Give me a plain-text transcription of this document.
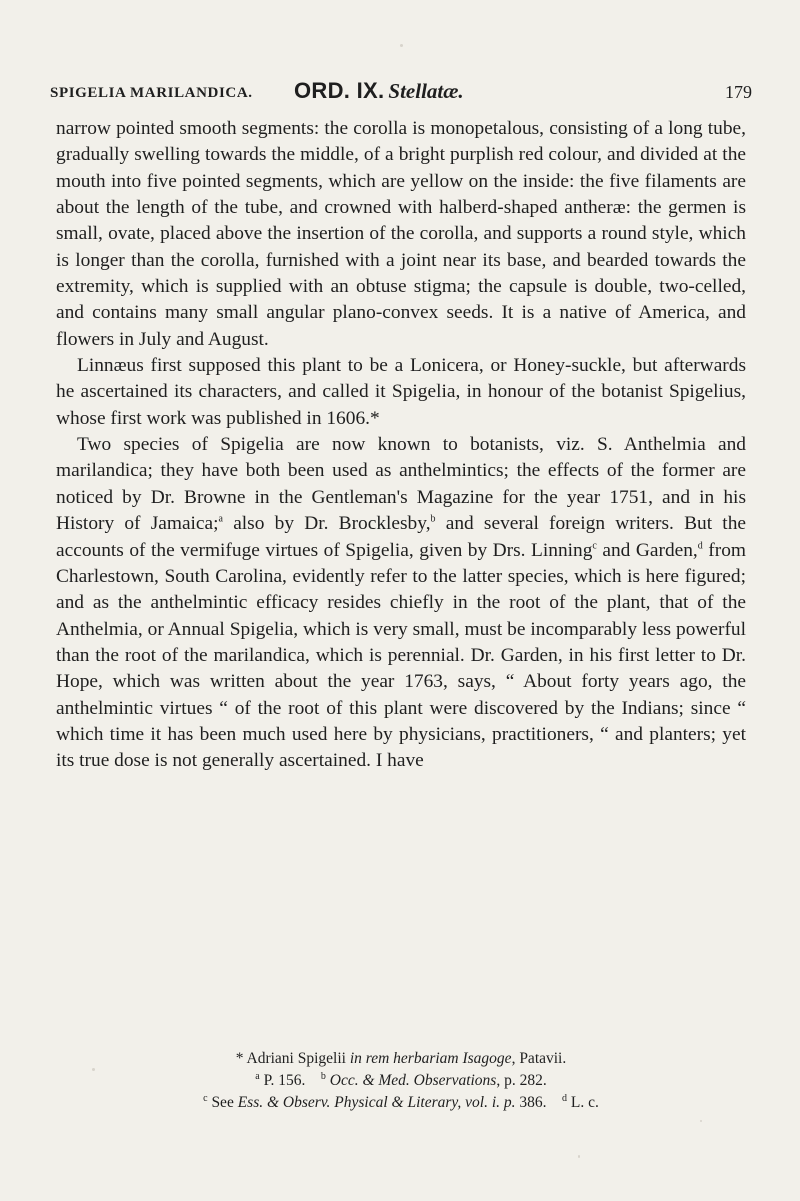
SPIGELIA MARILANDICA. ORD. IX. Stellatæ.	179

narrow pointed smooth segments: the corolla is monopetalous, consisting of a long tube, gradually swelling towards the middle, of a bright purplish red colour, and divided at the mouth into five pointed segments, which are yellow on the inside: the five filaments are about the length of the tube, and crowned with halberd-shaped antheræ: the germen is small, ovate, placed above the insertion of the corolla, and supports a round style, which is longer than the corolla, furnished with a joint near its base, and bearded towards the extremity, which is supplied with an obtuse stigma; the capsule is double, two-celled, and contains many small angular plano-convex seeds. It is a native of America, and flowers in July and August.

Linnæus first supposed this plant to be a Lonicera, or Honey-suckle, but afterwards he ascertained its characters, and called it Spigelia, in honour of the botanist Spigelius, whose first work was published in 1606.*

Two species of Spigelia are now known to botanists, viz. S. Anthelmia and marilandica; they have both been used as anthelmintics; the effects of the former are noticed by Dr. Browne in the Gentleman's Magazine for the year 1751, and in his History of Jamaica;$^a$ also by Dr. Brocklesby,$^b$ and several foreign writers. But the accounts of the vermifuge virtues of Spigelia, given by Drs. Linning$^c$ and Garden,$^d$ from Charlestown, South Carolina, evidently refer to the latter species, which is here figured; and as the anthelmintic efficacy resides chiefly in the root of the plant, that of the Anthelmia, or Annual Spigelia, which is very small, must be incomparably less powerful than the root of the marilandica, which is perennial. Dr. Garden, in his first letter to Dr. Hope, which was written about the year 1763, says, “ About forty years ago, the anthelmintic virtues “ of the root of this plant were discovered by the Indians; since “ which time it has been much used here by physicians, practitioners, “ and planters; yet its true dose is not generally ascertained. I have

* Adriani Spigelii in rem herbariam Isagoge, Patavii.

$^a$ P. 156. $^b$ Occ. & Med. Observations, p. 282.

$^c$ See Ess. & Observ. Physical & Literary, vol. i. p. 386. $^d$ L. c.
